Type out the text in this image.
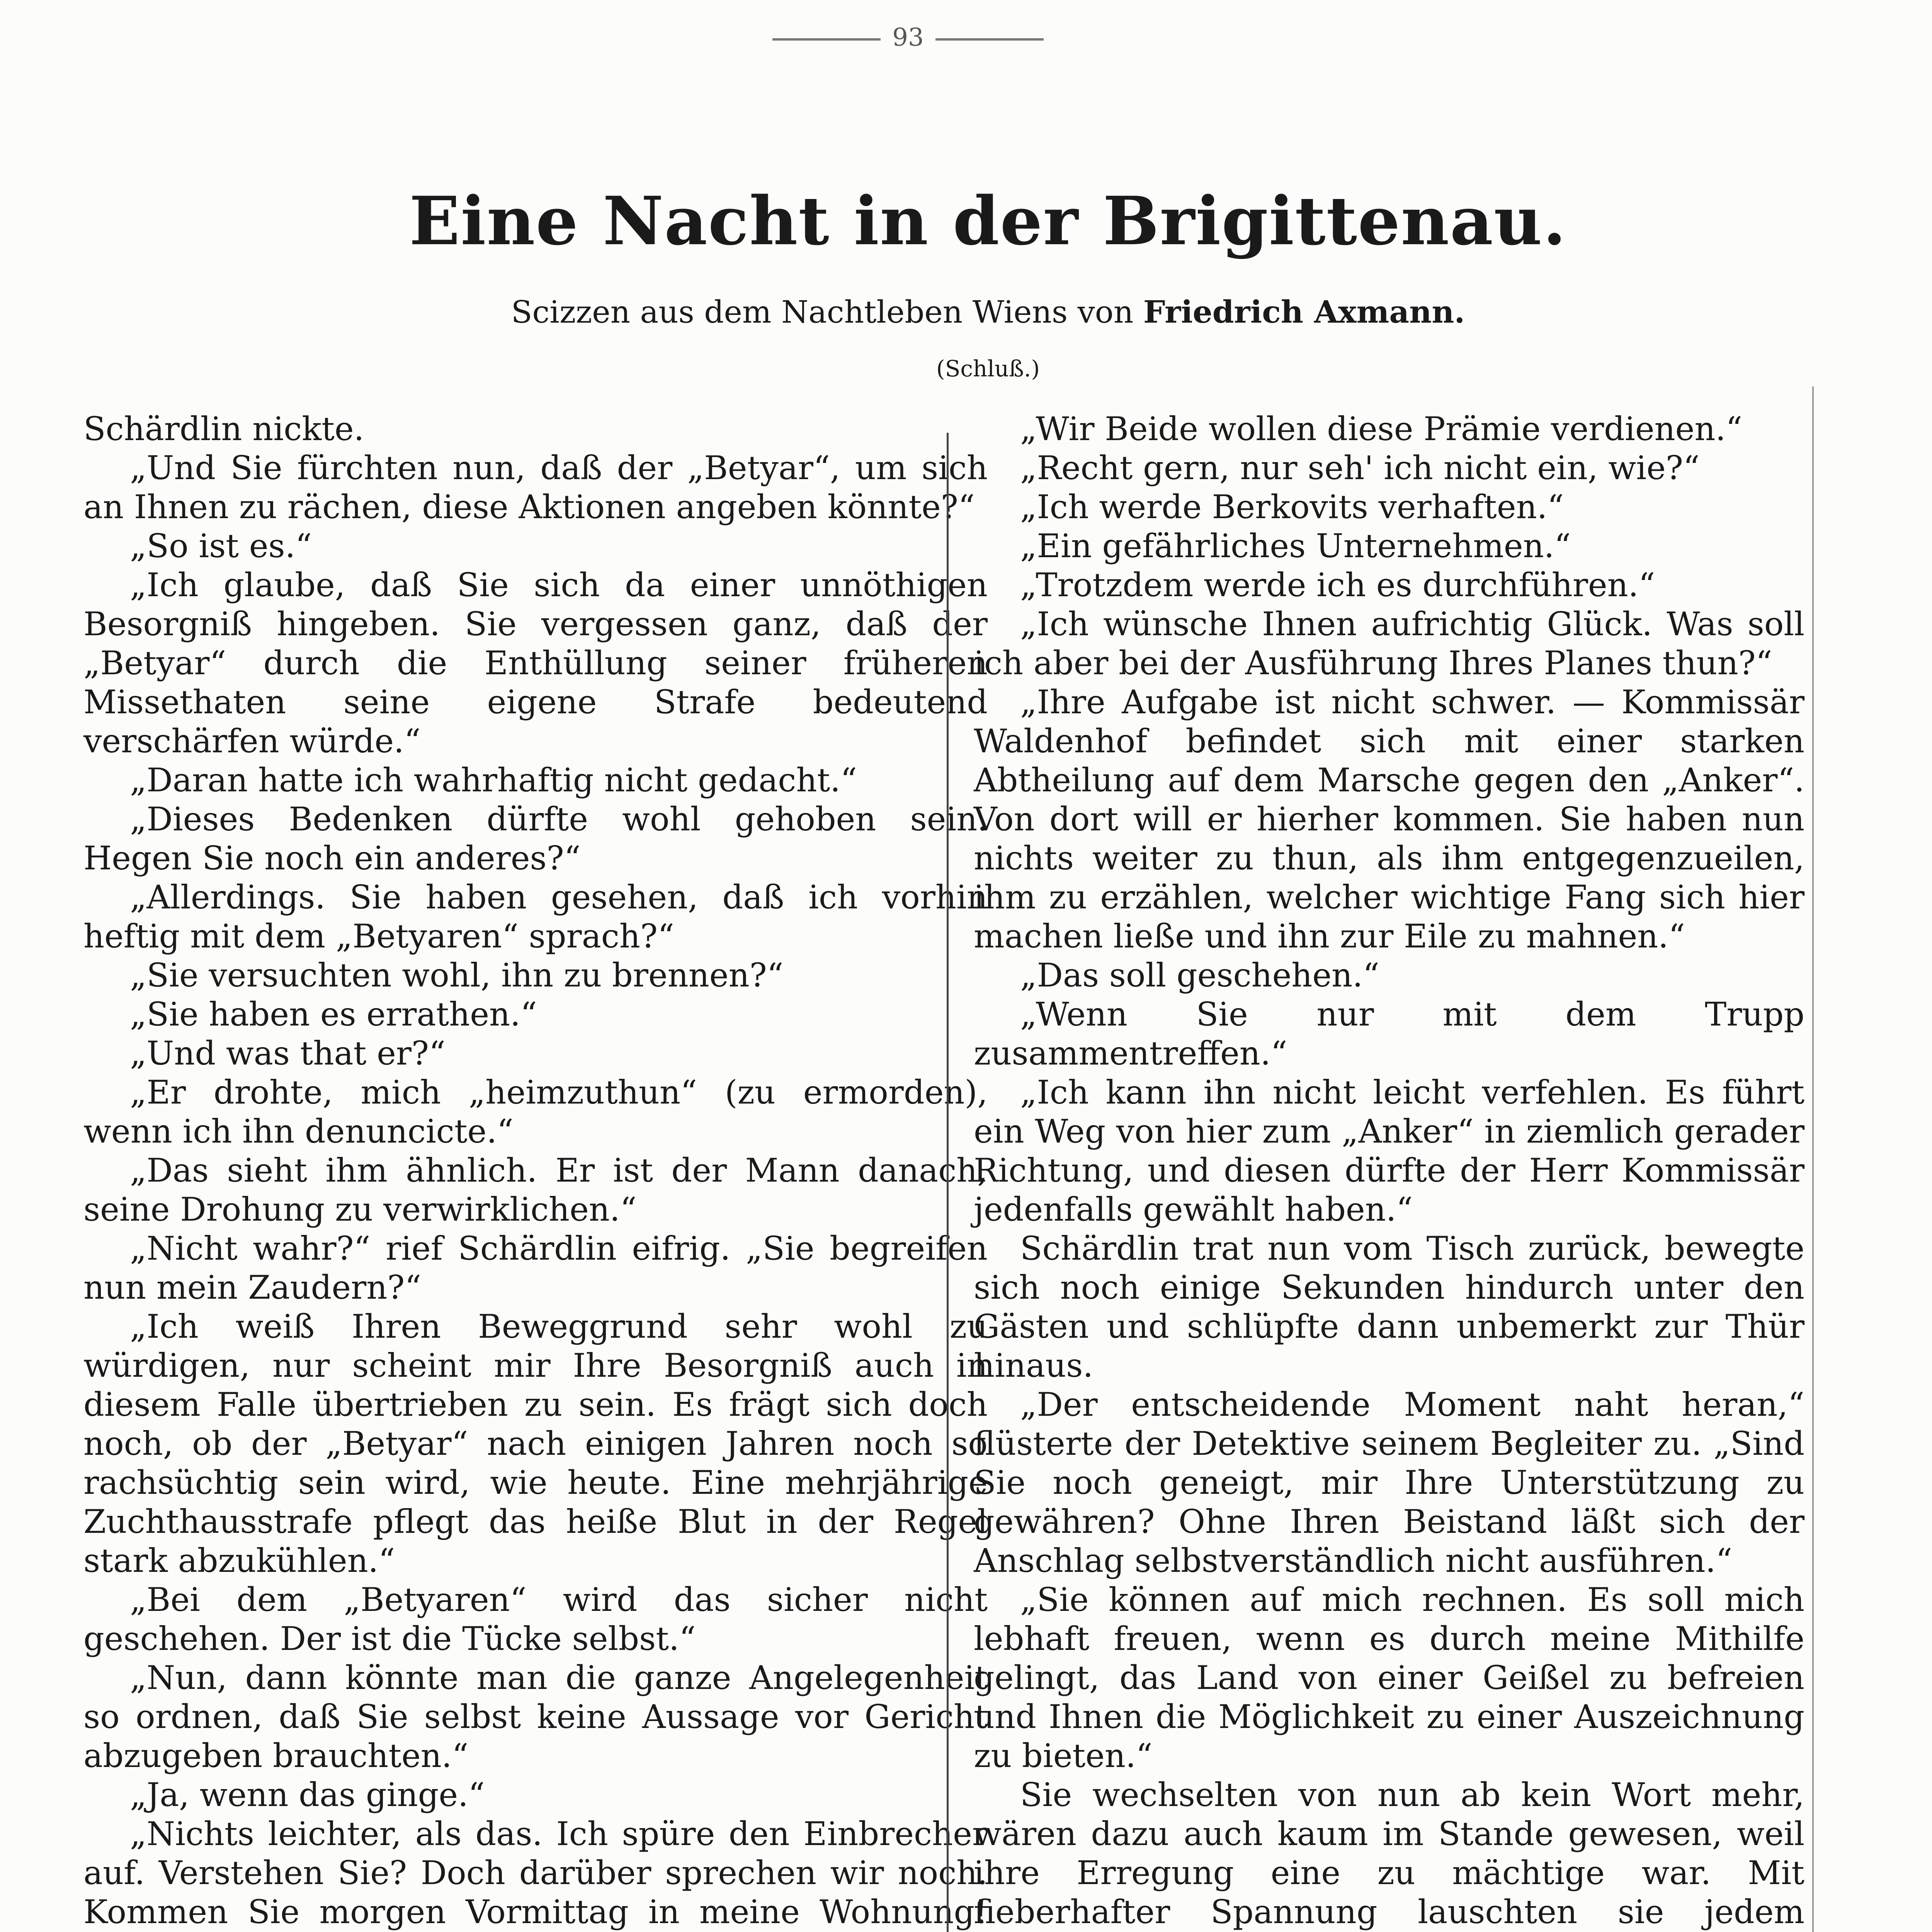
93
Eine Nacht in der Brigittenau.
Scizzen aus dem Nachtleben Wiens von Friedrich Axmann.
(Schluß.)

Schärdlin nickte.

„Und Sie fürchten nun, daß der „Betyar“, um sich an Ihnen zu rächen, diese Aktionen angeben könnte?“

„So ist es.“

„Ich glaube, daß Sie sich da einer unnöthigen Besorgniß hingeben. Sie vergessen ganz, daß der „Betyar“ durch die Enthüllung seiner früheren Missethaten seine eigene Strafe bedeutend verschärfen würde.“

„Daran hatte ich wahrhaftig nicht gedacht.“

„Dieses Bedenken dürfte wohl gehoben sein. Hegen Sie noch ein anderes?“

„Allerdings. Sie haben gesehen, daß ich vorhin heftig mit dem „Betyaren“ sprach?“

„Sie versuchten wohl, ihn zu brennen?“

„Sie haben es errathen.“

„Und was that er?“

„Er drohte, mich „heimzuthun“ (zu ermorden), wenn ich ihn denuncicte.“

„Das sieht ihm ähnlich. Er ist der Mann danach, seine Drohung zu verwirklichen.“

„Nicht wahr?“ rief Schärdlin eifrig. „Sie begreifen nun mein Zaudern?“

„Ich weiß Ihren Beweggrund sehr wohl zu würdigen, nur scheint mir Ihre Besorgniß auch in diesem Falle übertrieben zu sein. Es frägt sich doch noch, ob der „Betyar“ nach einigen Jahren noch so rachsüchtig sein wird, wie heute. Eine mehrjährige Zuchthausstrafe pflegt das heiße Blut in der Regel stark abzukühlen.“

„Bei dem „Betyaren“ wird das sicher nicht geschehen. Der ist die Tücke selbst.“

„Nun, dann könnte man die ganze Angelegenheit so ordnen, daß Sie selbst keine Aussage vor Gericht abzugeben brauchten.“

„Ja, wenn das ginge.“

„Nichts leichter, als das. Ich spüre den Einbrecher auf. Verstehen Sie? Doch darüber sprechen wir noch. Kommen Sie morgen Vormittag in meine Wohnung!

„Wir Beide wollen diese Prämie verdienen.“

„Recht gern, nur seh' ich nicht ein, wie?“

„Ich werde Berkovits verhaften.“

„Ein gefährliches Unternehmen.“

„Trotzdem werde ich es durchführen.“

„Ich wünsche Ihnen aufrichtig Glück. Was soll ich aber bei der Ausführung Ihres Planes thun?“

„Ihre Aufgabe ist nicht schwer. — Kommissär Waldenhof befindet sich mit einer starken Abtheilung auf dem Marsche gegen den „Anker“. Von dort will er hierher kommen. Sie haben nun nichts weiter zu thun, als ihm entgegenzueilen, ihm zu erzählen, welcher wichtige Fang sich hier machen ließe und ihn zur Eile zu mahnen.“

„Das soll geschehen.“

„Wenn Sie nur mit dem Trupp zusammentreffen.“

„Ich kann ihn nicht leicht verfehlen. Es führt ein Weg von hier zum „Anker“ in ziemlich gerader Richtung, und diesen dürfte der Herr Kommissär jedenfalls gewählt haben.“

Schärdlin trat nun vom Tisch zurück, bewegte sich noch einige Sekunden hindurch unter den Gästen und schlüpfte dann unbemerkt zur Thür hinaus.

„Der entscheidende Moment naht heran,“ flüsterte der Detektive seinem Begleiter zu. „Sind Sie noch geneigt, mir Ihre Unterstützung zu gewähren? Ohne Ihren Beistand läßt sich der Anschlag selbstverständlich nicht ausführen.“

„Sie können auf mich rechnen. Es soll mich lebhaft freuen, wenn es durch meine Mithilfe gelingt, das Land von einer Geißel zu befreien und Ihnen die Möglichkeit zu einer Auszeichnung zu bieten.“

Sie wechselten von nun ab kein Wort mehr, wären dazu auch kaum im Stande gewesen, weil ihre Erregung eine zu mächtige war. Mit fieberhafter Spannung lauschten sie jedem
